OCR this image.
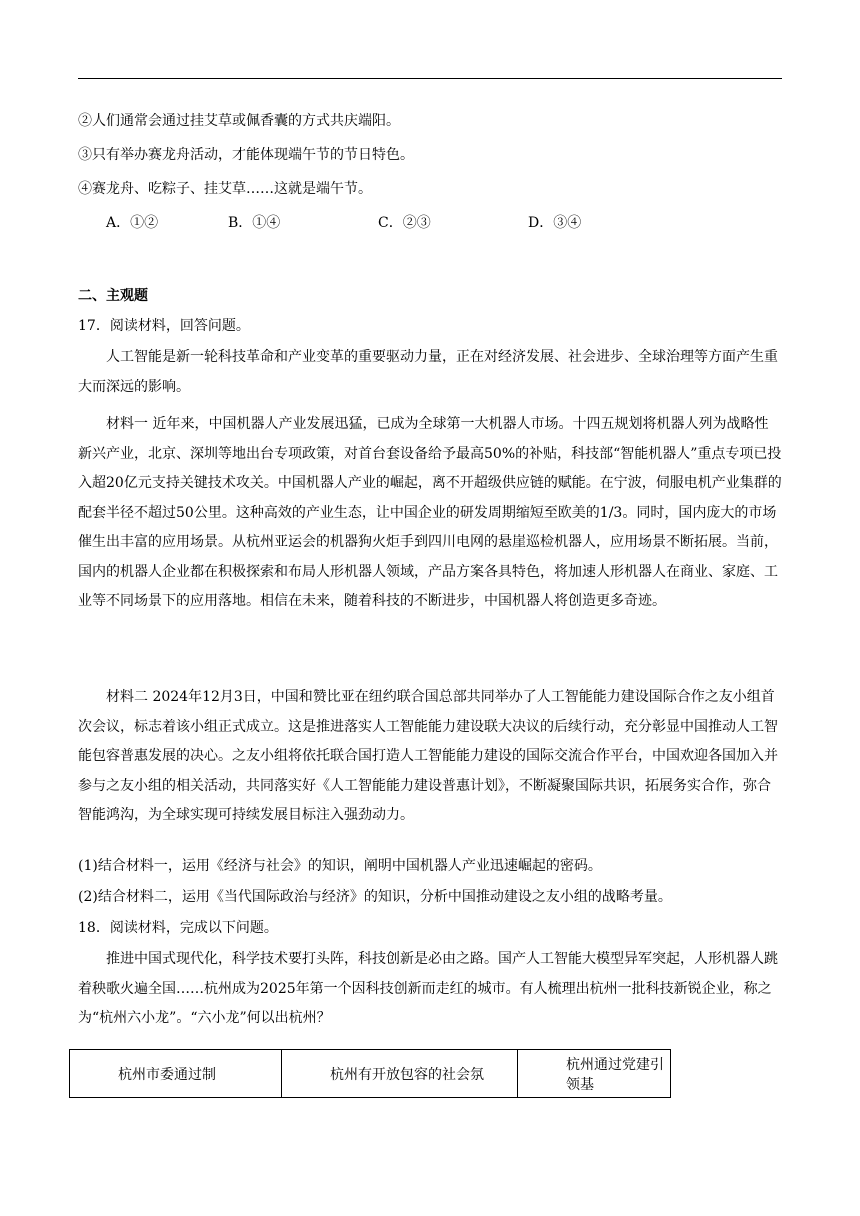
②人们通常会通过挂艾草或佩香囊的方式共庆端阳。
③只有举办赛龙舟活动，才能体现端午节的节日特色。
④赛龙舟、吃粽子、挂艾草……这就是端午节。
A．①②	B．①④	C．②③	D．③④
二、主观题
17．阅读材料，回答问题。

人工智能是新一轮科技革命和产业变革的重要驱动力量，正在对经济发展、社会进步、全球治理等方面产生重大而深远的影响。

材料一 近年来，中国机器人产业发展迅猛，已成为全球第一大机器人市场。十四五规划将机器人列为战略性新兴产业，北京、深圳等地出台专项政策，对首台套设备给予最高50%的补贴，科技部“智能机器人”重点专项已投入超20亿元支持关键技术攻关。中国机器人产业的崛起，离不开超级供应链的赋能。在宁波，伺服电机产业集群的配套半径不超过50公里。这种高效的产业生态，让中国企业的研发周期缩短至欧美的1/3。同时，国内庞大的市场催生出丰富的应用场景。从杭州亚运会的机器狗火炬手到四川电网的悬崖巡检机器人，应用场景不断拓展。当前，国内的机器人企业都在积极探索和布局人形机器人领域，产品方案各具特色，将加速人形机器人在商业、家庭、工业等不同场景下的应用落地。相信在未来，随着科技的不断进步，中国机器人将创造更多奇迹。

材料二 2024年12月3日，中国和赞比亚在纽约联合国总部共同举办了人工智能能力建设国际合作之友小组首次会议，标志着该小组正式成立。这是推进落实人工智能能力建设联大决议的后续行动，充分彰显中国推动人工智能包容普惠发展的决心。之友小组将依托联合国打造人工智能能力建设的国际交流合作平台，中国欢迎各国加入并参与之友小组的相关活动，共同落实好《人工智能能力建设普惠计划》，不断凝聚国际共识，拓展务实合作，弥合智能鸿沟，为全球实现可持续发展目标注入强劲动力。

(1)结合材料一，运用《经济与社会》的知识，阐明中国机器人产业迅速崛起的密码。
(2)结合材料二，运用《当代国际政治与经济》的知识，分析中国推动建设之友小组的战略考量。
18．阅读材料，完成以下问题。

推进中国式现代化，科学技术要打头阵，科技创新是必由之路。国产人工智能大模型异军突起，人形机器人跳着秧歌火遍全国……杭州成为2025年第一个因科技创新而走红的城市。有人梳理出杭州一批科技新锐企业，称之为“杭州六小龙”。“六小龙”何以出杭州？

杭州市委通过制	杭州有开放包容的社会氛	杭州通过党建引领基
